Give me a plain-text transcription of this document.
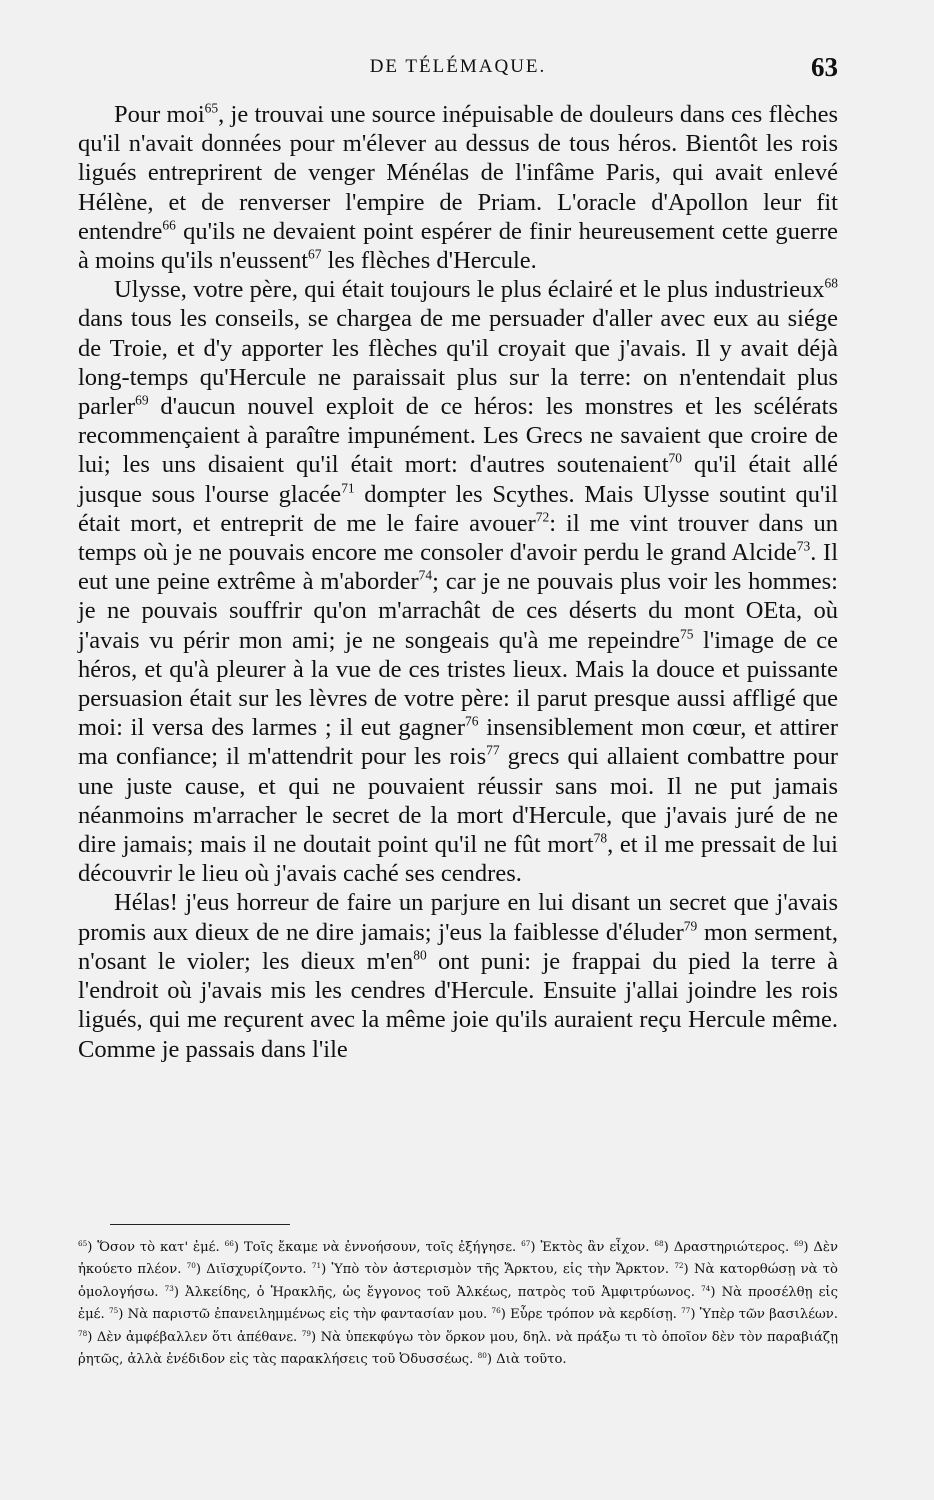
DE TÉLÉMAQUE.	63

Pour moi$^{65}$, je trouvai une source inépuisable de douleurs dans ces flèches qu'il n'avait données pour m'élever au dessus de tous héros. Bientôt les rois ligués entreprirent de venger Ménélas de l'infâme Paris, qui avait enlevé Hélène, et de renverser l'empire de Priam. L'oracle d'Apollon leur fit entendre$^{66}$ qu'ils ne devaient point espérer de finir heureusement cette guerre à moins qu'ils n'eussent$^{67}$ les flèches d'Hercule.

Ulysse, votre père, qui était toujours le plus éclairé et le plus industrieux$^{68}$ dans tous les conseils, se chargea de me persuader d'aller avec eux au siége de Troie, et d'y apporter les flèches qu'il croyait que j'avais. Il y avait déjà long-temps qu'Hercule ne paraissait plus sur la terre: on n'entendait plus parler$^{69}$ d'aucun nouvel exploit de ce héros: les monstres et les scélérats recommençaient à paraître impunément. Les Grecs ne savaient que croire de lui; les uns disaient qu'il était mort: d'autres soutenaient$^{70}$ qu'il était allé jusque sous l'ourse glacée$^{71}$ dompter les Scythes. Mais Ulysse soutint qu'il était mort, et entreprit de me le faire avouer$^{72}$: il me vint trouver dans un temps où je ne pouvais encore me consoler d'avoir perdu le grand Alcide$^{73}$. Il eut une peine extrême à m'aborder$^{74}$; car je ne pouvais plus voir les hommes: je ne pouvais souffrir qu'on m'arrachât de ces déserts du mont OEta, où j'avais vu périr mon ami; je ne songeais qu'à me repeindre$^{75}$ l'image de ce héros, et qu'à pleurer à la vue de ces tristes lieux. Mais la douce et puissante persuasion était sur les lèvres de votre père: il parut presque aussi affligé que moi: il versa des larmes ; il eut gagner$^{76}$ insensiblement mon cœur, et attirer ma confiance; il m'attendrit pour les rois$^{77}$ grecs qui allaient combattre pour une juste cause, et qui ne pouvaient réussir sans moi. Il ne put jamais néanmoins m'arracher le secret de la mort d'Hercule, que j'avais juré de ne dire jamais; mais il ne doutait point qu'il ne fût mort$^{78}$, et il me pressait de lui découvrir le lieu où j'avais caché ses cendres.

Hélas! j'eus horreur de faire un parjure en lui disant un secret que j'avais promis aux dieux de ne dire jamais; j'eus la faiblesse d'éluder$^{79}$ mon serment, n'osant le violer; les dieux $m'en^{80}$ ont puni: je frappai du pied la terre à l'endroit où j'avais mis les cendres d'Hercule. Ensuite j'allai joindre les rois ligués, qui me reçurent avec la même joie qu'ils auraient reçu Hercule même. Comme je passais dans l'ile

$^{65}$) Ὅσον τὸ κατ' ἐμέ. $^{66}$) Τοῖς ἔκαμε νὰ ἐννοήσουν, τοῖς ἐξήγησε. $^{67}$) Ἐκτὸς ἂν εἶχον. $^{68}$) Δραστηριώτερος. $^{69}$) Δὲν ἠκούετο πλέον. $^{70}$) Διϊσχυρίζοντο. $^{71}$) Ὑπὸ τὸν ἀστερισμὸν τῆς Ἄρκτου, εἰς τὴν Ἄρκτον. $^{72}$) Νὰ κατορθώσῃ νὰ τὸ ὁμολογήσω. $^{73}$) Ἀλκείδης, ὁ Ἡρακλῆς, ὡς ἔγγονος τοῦ Ἀλκέως, πατρὸς τοῦ Ἀμφιτρύωνος. $^{74}$) Νὰ προσέλθῃ εἰς ἐμέ. $^{75}$) Νὰ παριστῶ ἐπανειλημμένως εἰς τὴν φαντασίαν μου. $^{76}$) Εὗρε τρόπον νὰ κερδίσῃ. $^{77}$) Ὑπὲρ τῶν βασιλέων. $^{78}$) Δὲν ἀμφέβαλλεν ὅτι ἀπέθανε. $^{79}$) Νὰ ὑπεκφύγω τὸν ὅρκον μου, δηλ. νὰ πράξω τι τὸ ὁποῖον δὲν τὸν παραβιάζῃ ῥητῶς, ἀλλὰ ἐνέδιδον εἰς τὰς παρακλήσεις τοῦ Ὀδυσσέως. $^{80}$) Διὰ τοῦτο.
